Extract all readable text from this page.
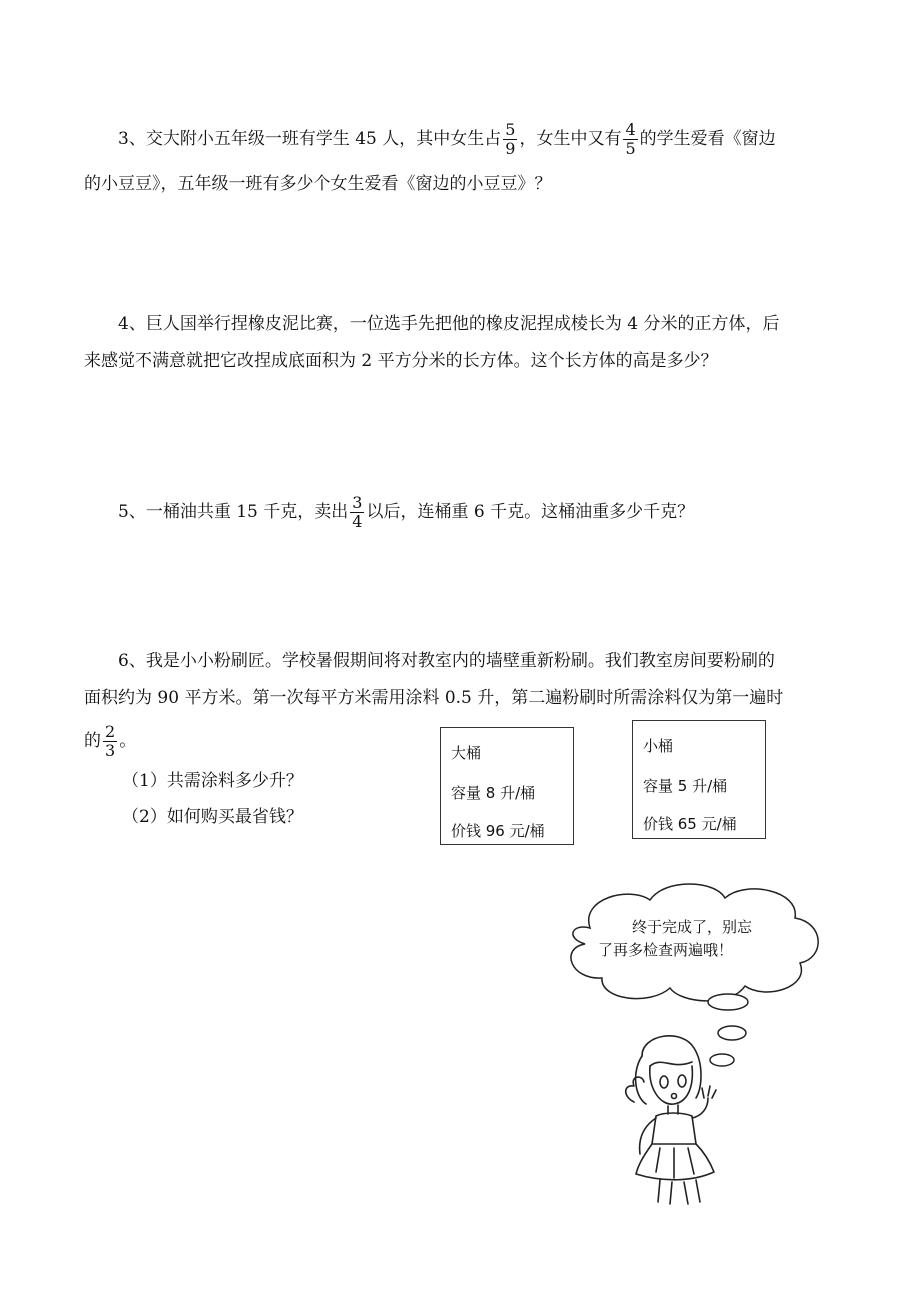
3、交大附小五年级一班有学生 45 人，其中女生占 $\frac{5}{9}$ ，女生中又有 $\frac{4}{5}$ 的学生爱看《窗边
的小豆豆》，五年级一班有多少个女生爱看《窗边的小豆豆》？
4、巨人国举行捏橡皮泥比赛，一位选手先把他的橡皮泥捏成棱长为 4 分米的正方体，后
来感觉不满意就把它改捏成底面积为 2 平方分米的长方体。这个长方体的高是多少？
5、一桶油共重 15 千克，卖出 $\frac{3}{4}$ 以后，连桶重 6 千克。这桶油重多少千克？
6、我是小小粉刷匠。学校暑假期间将对教室内的墙壁重新粉刷。我们教室房间要粉刷的
面积约为 90 平方米。第一次每平方米需用涂料 0.5 升，第二遍粉刷时所需涂料仅为第一遍时
的 $\frac{2}{3}$ 。
（1）共需涂料多少升？
（2）如何购买最省钱？
大桶
容量 8 升/桶
价钱 96 元/桶
小桶
容量 5 升/桶
价钱 65 元/桶
终于完成了，别忘
了再多检查两遍哦！
